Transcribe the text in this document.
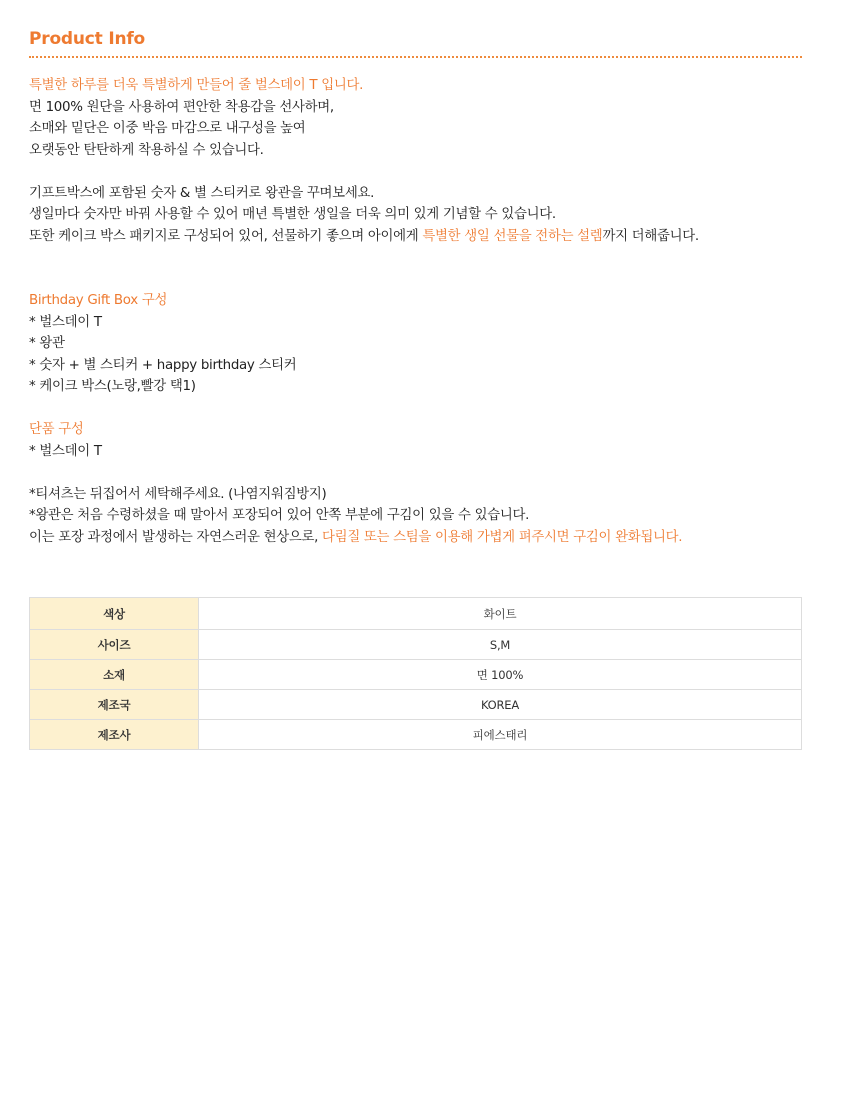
Product Info
특별한 하루를 더욱 특별하게 만들어 줄 벌스데이 T 입니다.
면 100% 원단을 사용하여 편안한 착용감을 선사하며,
소매와 밑단은 이중 박음 마감으로 내구성을 높여
오랫동안 탄탄하게 착용하실 수 있습니다.
기프트박스에 포함된 숫자 & 별 스티커로 왕관을 꾸며보세요.
생일마다 숫자만 바꿔 사용할 수 있어 매년 특별한 생일을 더욱 의미 있게 기념할 수 있습니다.
또한 케이크 박스 패키지로 구성되어 있어, 선물하기 좋으며 아이에게 특별한 생일 선물을 전하는 설렘까지 더해줍니다.
Birthday Gift Box 구성
* 벌스데이 T
* 왕관
* 숫자 + 별 스티커 + happy birthday 스티커
* 케이크 박스(노랑,빨강 택1)
단품 구성
* 벌스데이 T
*티셔츠는 뒤집어서 세탁해주세요. (나염지워짐방지)
*왕관은 처음 수령하셨을 때 말아서 포장되어 있어 안쪽 부분에 구김이 있을 수 있습니다.
이는 포장 과정에서 발생하는 자연스러운 현상으로, 다림질 또는 스팀을 이용해 가볍게 펴주시면 구김이 완화됩니다.
색상	화이트
사이즈	S,M
소재	면 100%
제조국	KOREA
제조사	피에스태리
